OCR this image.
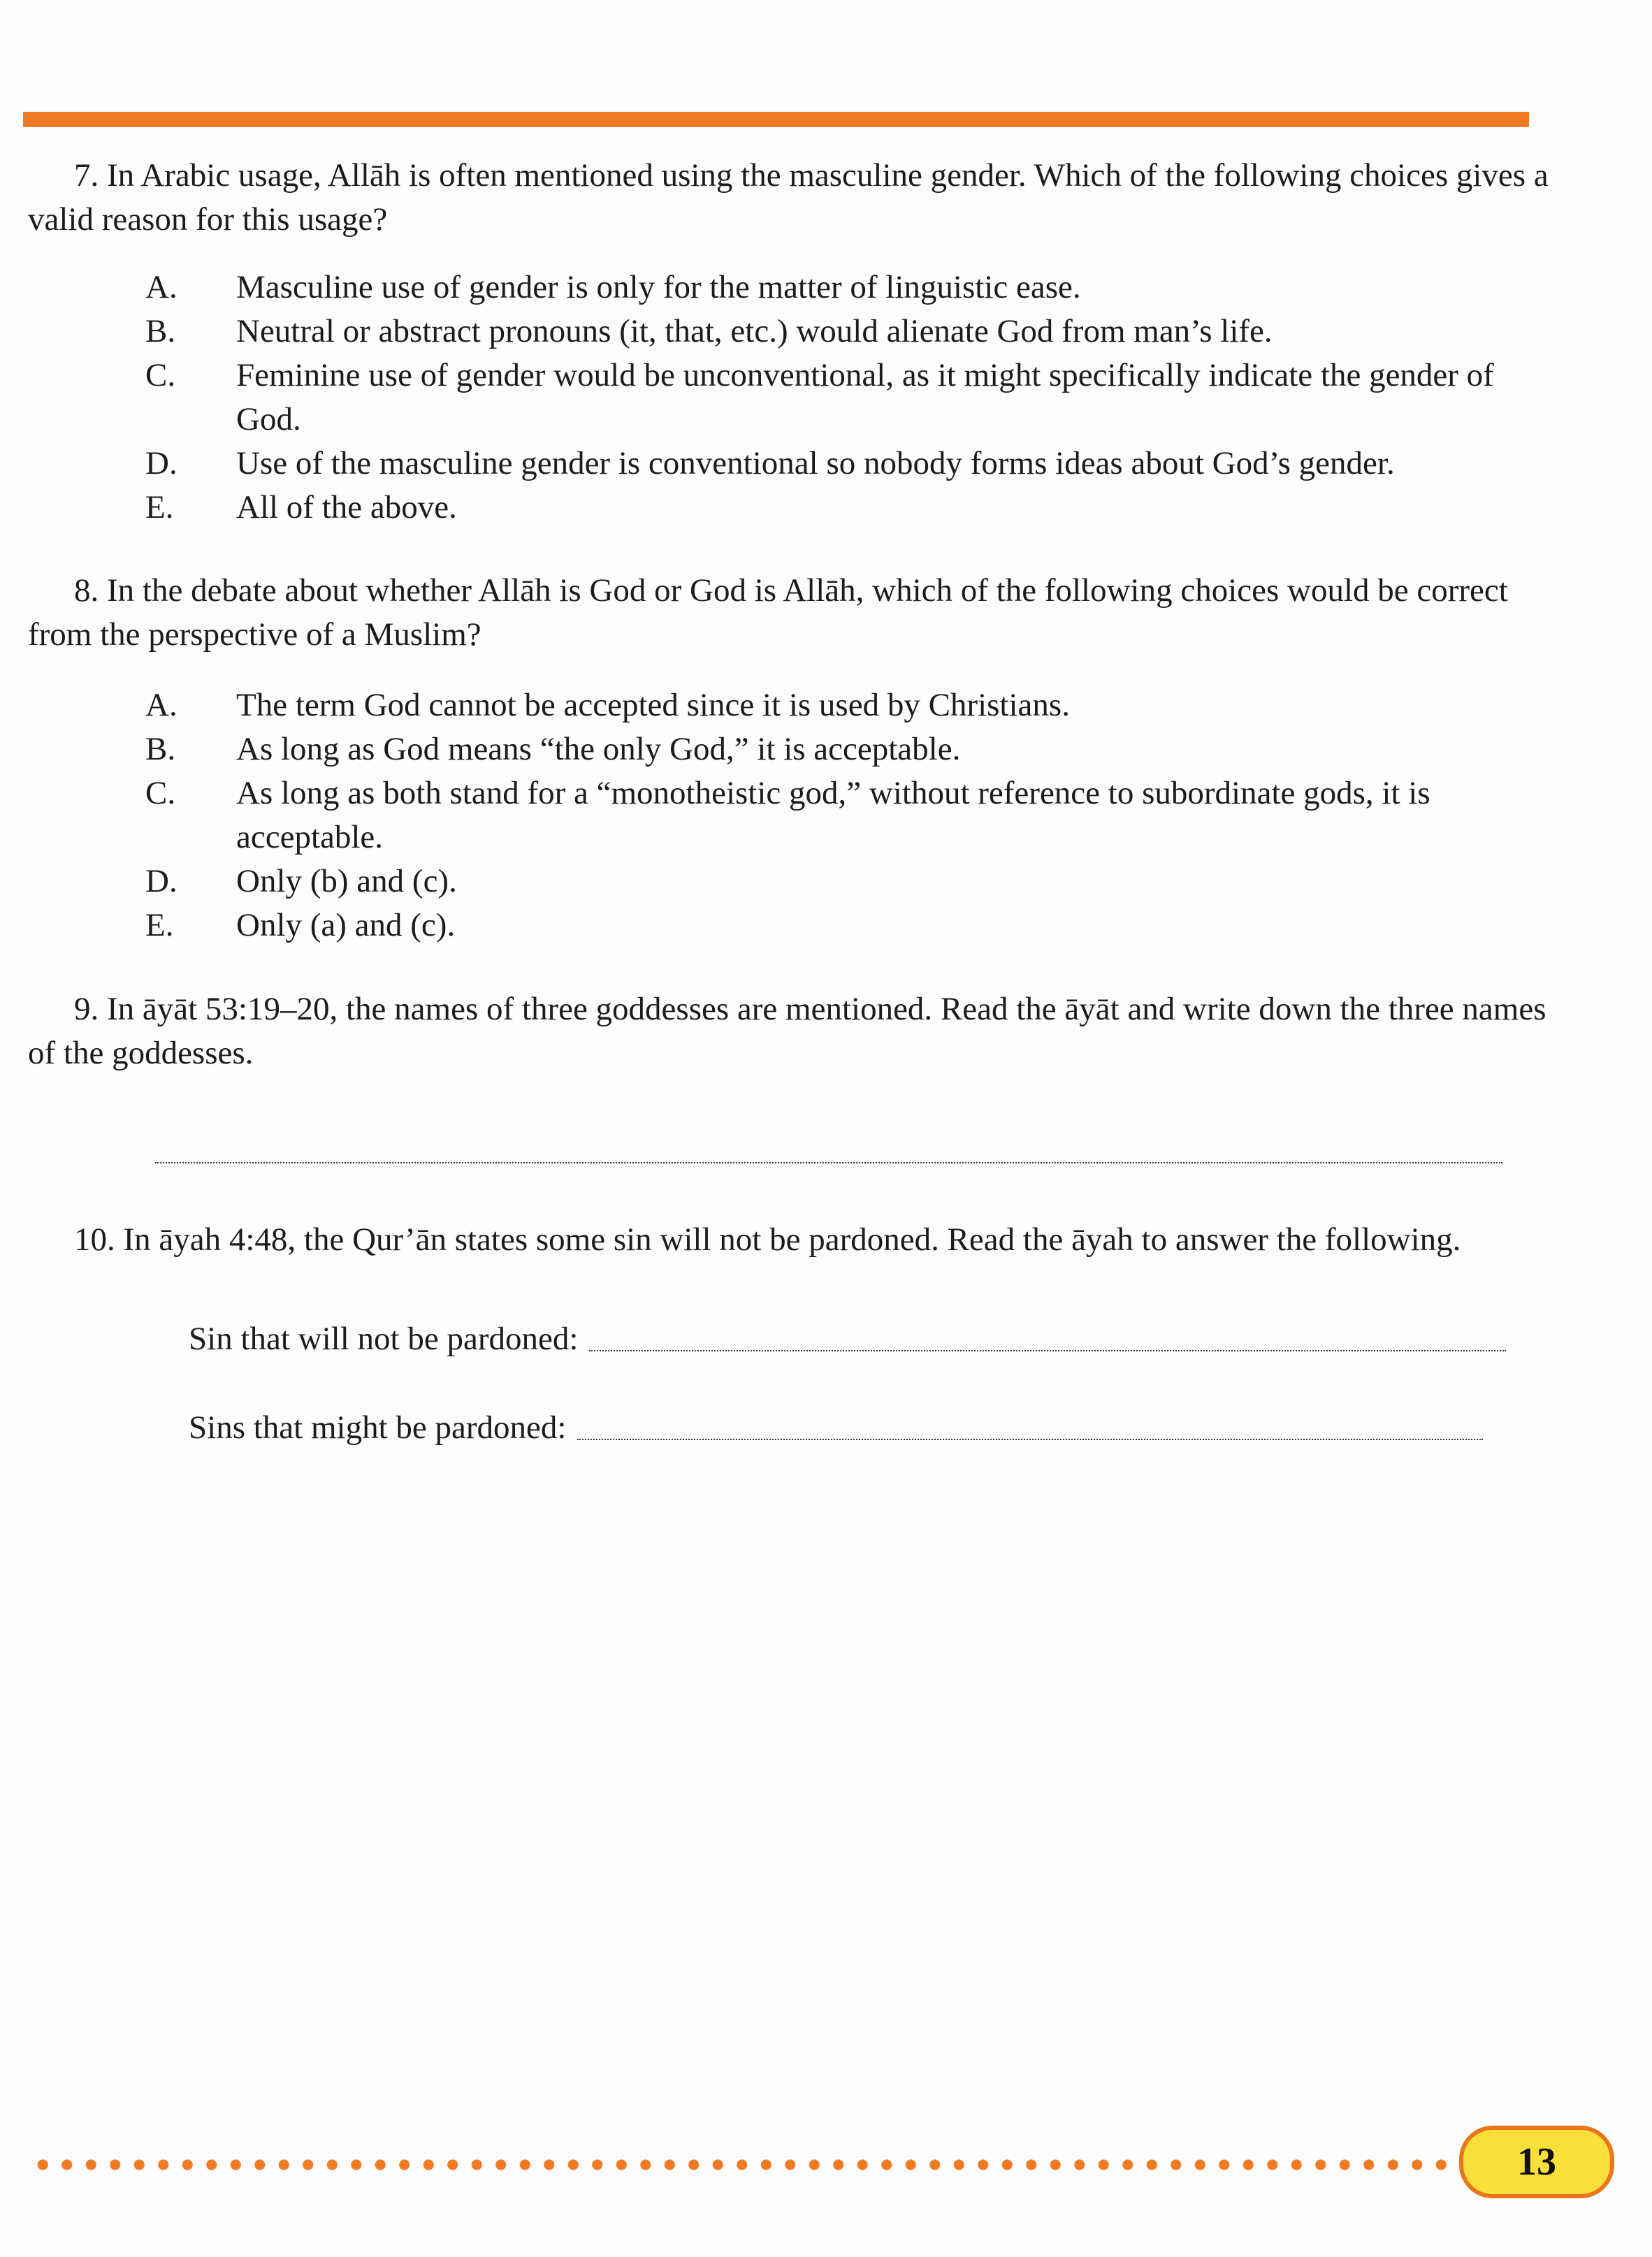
7. In Arabic usage, Allāh is often mentioned using the masculine gender. Which of the following choices gives a valid reason for this usage?
A.	Masculine use of gender is only for the matter of linguistic ease.
B.	Neutral or abstract pronouns (it, that, etc.) would alienate God from man’s life.
C.	Feminine use of gender would be unconventional, as it might specifically indicate the gender of God.
D.	Use of the masculine gender is conventional so nobody forms ideas about God’s gender.
E.	All of the above.
8. In the debate about whether Allāh is God or God is Allāh, which of the following choices would be correct from the perspective of a Muslim?
A.	The term God cannot be accepted since it is used by Christians.
B.	As long as God means “the only God,” it is acceptable.
C.	As long as both stand for a “monotheistic god,” without reference to subordinate gods, it is acceptable.
D.	Only (b) and (c).
E.	Only (a) and (c).
9. In āyāt 53:19–20, the names of three goddesses are mentioned. Read the āyāt and write down the three names of the goddesses.
10. In āyah 4:48, the Qur’ān states some sin will not be pardoned. Read the āyah to answer the following.
Sin that will not be pardoned:
Sins that might be pardoned:
13
